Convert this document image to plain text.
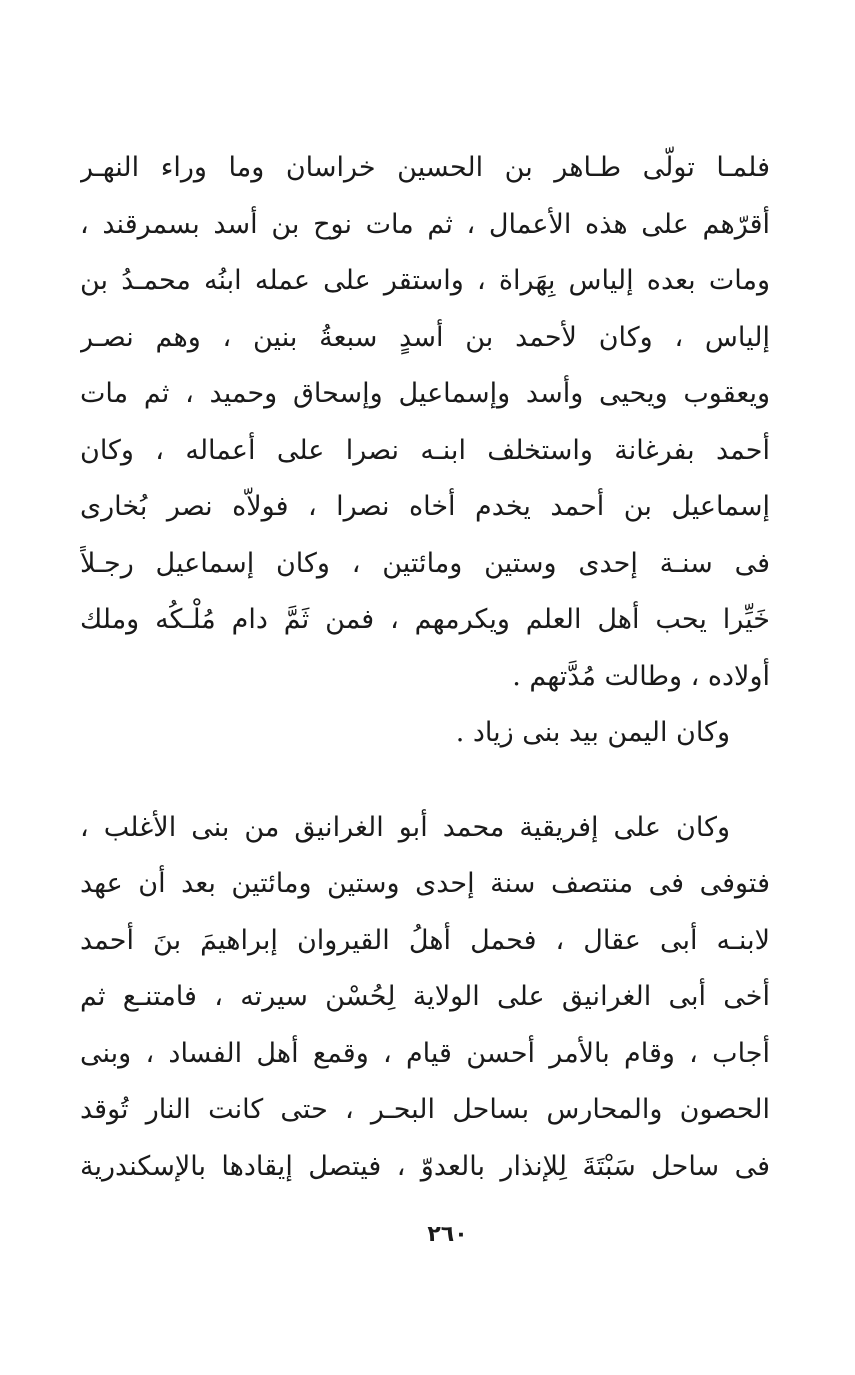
فلمـا تولّى طـاهر بن الحسين خراسان وما وراء النهـر
أقرّهم على هذه الأعمال ، ثم مات نوح بن أسد بسمرقند ،
ومات بعده إلياس بِهَراة ، واستقر على عمله ابنُه محمـدُ بن
إلياس ، وكان لأحمد بن أسدٍ سبعةُ بنين ، وهم نصـر
ويعقوب ويحيى وأسد وإسماعيل وإسحاق وحميد ، ثم مات
أحمد بفرغانة واستخلف ابنـه نصرا على أعماله ، وكان
إسماعيل بن أحمد يخدم أخاه نصرا ، فولاّه نصر بُخارى
فى سنـة إحدى وستين ومائتين ، وكان إسماعيل رجـلاً
خَيِّرا يحب أهل العلم ويكرمهم ، فمن ثَمَّ دام مُلْـكُه وملك
أولاده ، وطالت مُدَّتهم .
وكان اليمن بيد بنى زياد .
وكان على إفريقية محمد أبو الغرانيق من بنى الأغلب ،
فتوفى فى منتصف سنة إحدى وستين ومائتين بعد أن عهد
لابنـه أبى عقال ، فحمل أهلُ القيروان إبراهيمَ بنَ أحمد
أخى أبى الغرانيق على الولاية لِحُسْن سيرته ، فامتنـع ثم
أجاب ، وقام بالأمر أحسن قيام ، وقمع أهل الفساد ، وبنى
الحصون والمحارس بساحل البحـر ، حتى كانت النار تُوقد
فى ساحل سَبْتَةَ لِلإنذار بالعدوّ ، فيتصل إيقادها بالإسكندرية
٢٦٠
